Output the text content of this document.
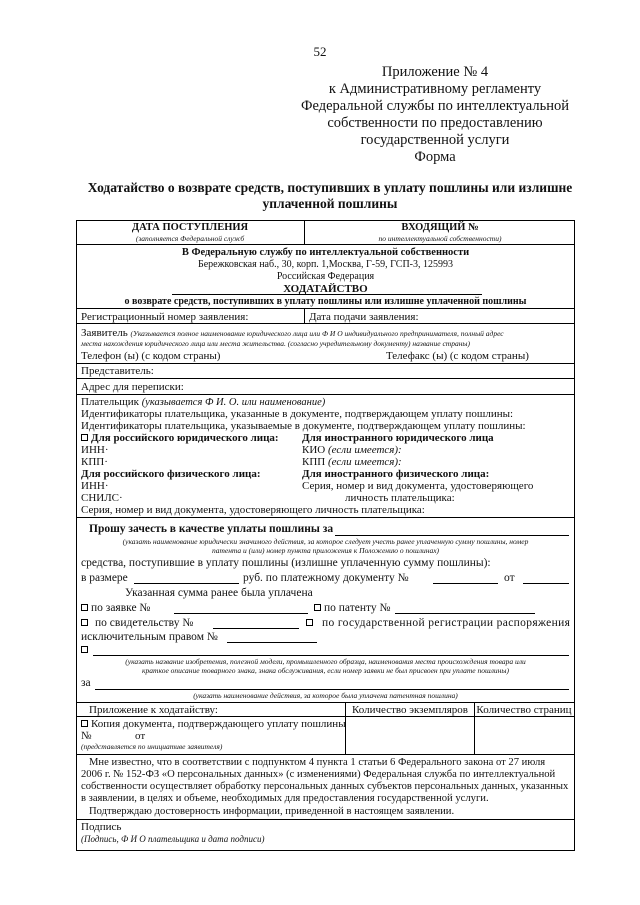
52
Приложение № 4
к Административному регламенту
Федеральной службы по интеллектуальной
собственности по предоставлению
государственной услуги
Форма
Ходатайство о возврате средств, поступивших в уплату пошлины или излишне
уплаченной пошлины
ДАТА ПОСТУПЛЕНИЯ
(заполняется Федеральной служб
ВХОДЯЩИЙ №
по интеллектуальной собственности)
В Федеральную службу по интеллектуальной собственности
Бережковская наб., 30, корп. 1,Москва, Г-59, ГСП-3, 125993
Российская Федерация
ХОДАТАЙСТВО
о возврате средств, поступивших в уплату пошлины или излишне уплаченной пошлины
Регистрационный номер заявления:	Дата подачи заявления:
Заявитель (Указывается полное наименование юридического лица или Ф И О индивидуального предпринимателя, полный адрес
места нахождения юридического лица или места жительства. (согласно учредительному документу) название страны)
Телефон (ы) (с кодом страны)	Телефакс (ы) (с кодом страны)
Представитель:
Адрес для переписки:
Плательщик (указывается Ф И. О. или наименование)
Идентификаторы плательщика, указанные в документе, подтверждающем уплату пошлины:
Идентификаторы плательщика, указываемые в документе, подтверждающем уплату пошлины:
Для российского юридического лица: Для иностранного юридического лица
ИНН·	КИО (если имеется):
КПП·	КПП (если имеется):
Для российского физического лица:	Для иностранного физического лица:
ИНН·	Серия, номер и вид документа, удостоверяющего
СНИЛС·	личность плательщика:
Серия, номер и вид документа, удостоверяющего личность плательщика:
Прошу зачесть в качестве уплаты пошлины за
(указать наименование юридически значимого действия, за которое следует учесть ранее уплаченную сумму пошлины, номер
патента и (или) номер пункта приложения к Положению о пошлинах)
средства, поступившие в уплату пошлины (излишне уплаченную сумму пошлины):
в размере	руб. по платежному документу №	от
Указанная сумма ранее была уплачена
по заявке №	по патенту №
по свидетельству №	по государственной регистрации распоряжения
исключительным правом №
(указать название изобретения, полезной модели, промышленного образца, наименования места происхождения товара или
краткое описание товарного знака, знака обслуживания, если номер заявки не был присвоен при уплате пошлины)
за
(указать наименование действия, за которое была уплачена патентная пошлина)
Приложение к ходатайству:	Количество экземпляров Количество страниц
Копия документа, подтверждающего уплату пошлины
№	от
(представляется по инициативе заявителя)
Мне известно, что в соответствии с подпунктом 4 пункта 1 статьи 6 Федерального закона от 27 июля
2006 г. № 152-ФЗ «О персональных данных» (с изменениями) Федеральная служба по интеллектуальной
собственности осуществляет обработку персональных данных субъектов персональных данных, указанных
в заявлении, в целях и объеме, необходимых для предоставления государственной услуги.
Подтверждаю достоверность информации, приведенной в настоящем заявлении.
Подпись
(Подпись, Ф И О плательщика и дата подписи)
